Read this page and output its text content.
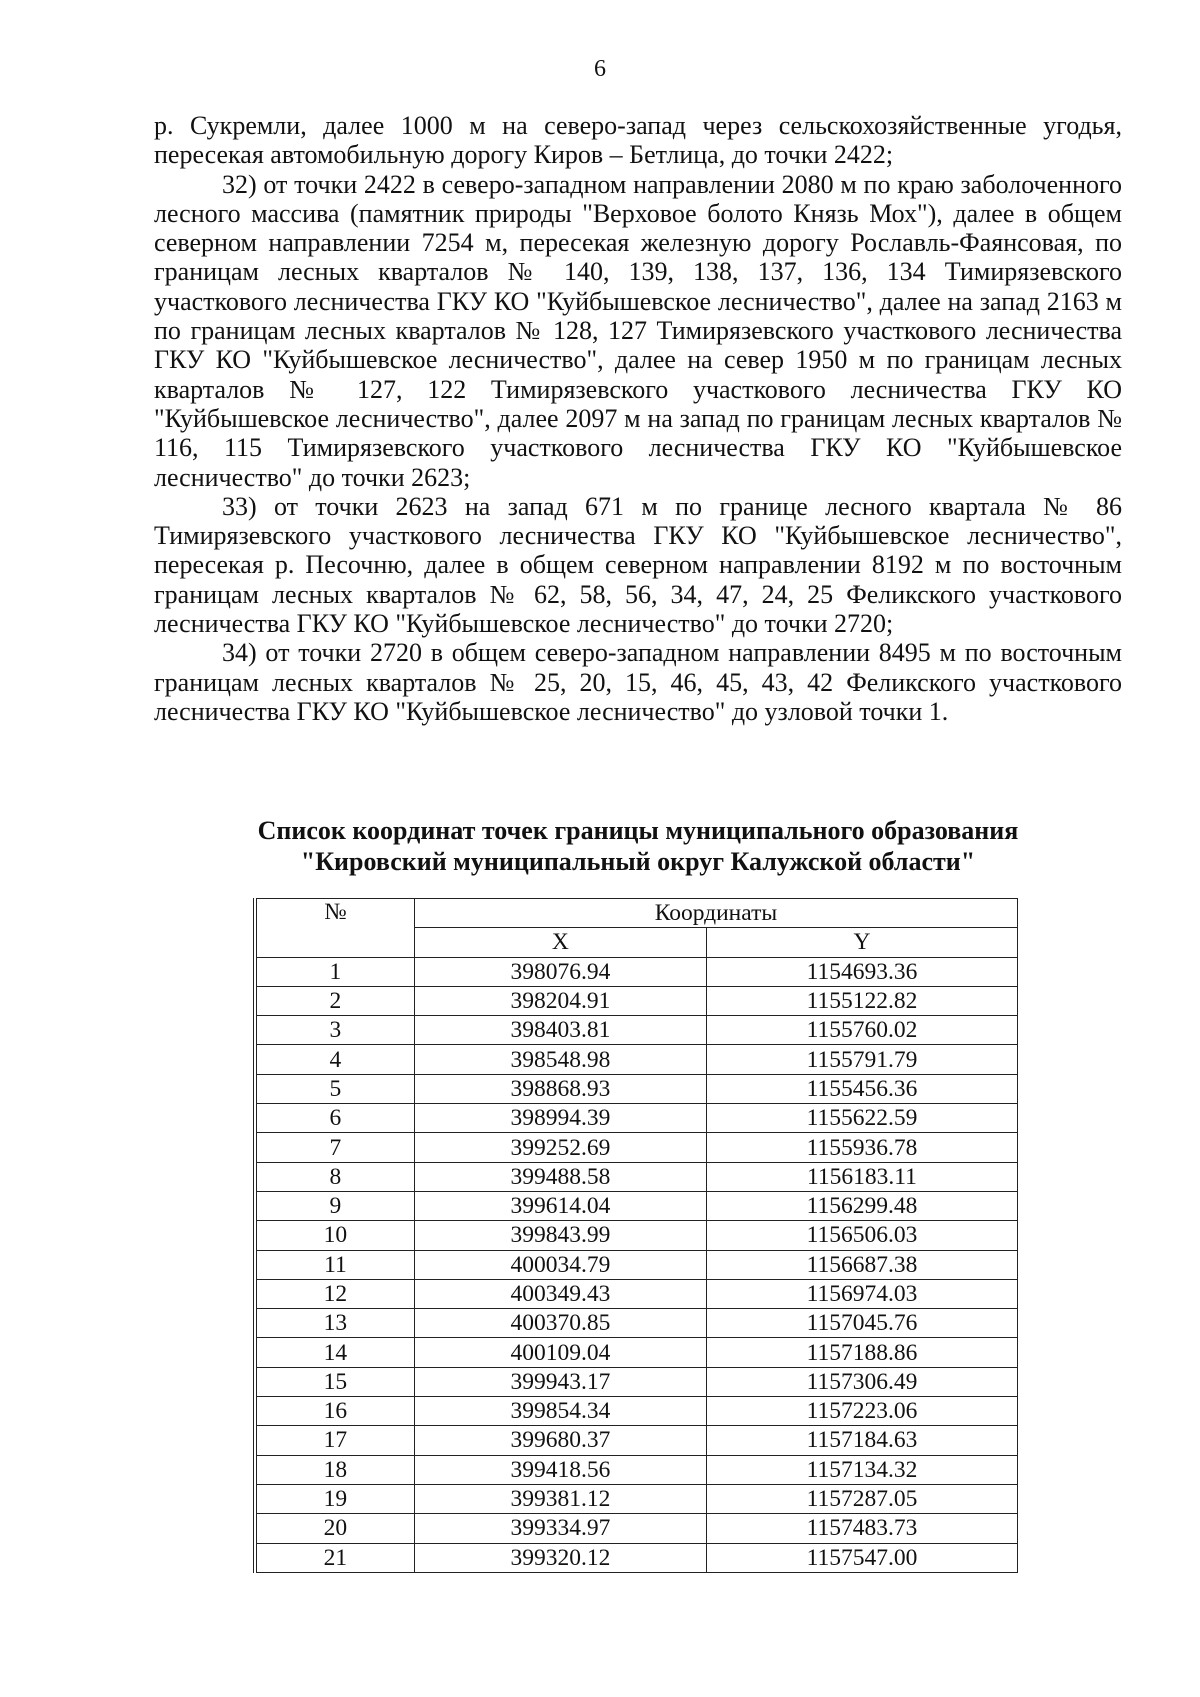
6

р. Сукремли, далее 1000 м на северо-запад через сельскохозяйственные угодья, пересекая автомобильную дорогу Киров – Бетлица, до точки 2422;

32) от точки 2422 в северо-западном направлении 2080 м по краю заболоченного лесного массива (памятник природы "Верховое болото Князь Мох"), далее в общем северном направлении 7254 м, пересекая железную дорогу Рославль-Фаянсовая, по границам лесных кварталов № 140, 139, 138, 137, 136, 134 Тимирязевского участкового лесничества ГКУ КО "Куйбышевское лесничество", далее на запад 2163 м по границам лесных кварталов № 128, 127 Тимирязевского участкового лесничества ГКУ КО "Куйбышевское лесничество", далее на север 1950 м по границам лесных кварталов № 127, 122 Тимирязевского участкового лесничества ГКУ КО "Куйбышевское лесничество", далее 2097 м на запад по границам лесных кварталов № 116, 115 Тимирязевского участкового лесничества ГКУ КО "Куйбышевское лесничество" до точки 2623;

33) от точки 2623 на запад 671 м по границе лесного квартала № 86 Тимирязевского участкового лесничества ГКУ КО "Куйбышевское лесничество", пересекая р. Песочню, далее в общем северном направлении 8192 м по восточным границам лесных кварталов № 62, 58, 56, 34, 47, 24, 25 Феликского участкового лесничества ГКУ КО "Куйбышевское лесничество" до точки 2720;

34) от точки 2720 в общем северо-западном направлении 8495 м по восточным границам лесных кварталов № 25, 20, 15, 46, 45, 43, 42 Феликского участкового лесничества ГКУ КО "Куйбышевское лесничество" до узловой точки 1.

Список координат точек границы муниципального образования
"Кировский муниципальный округ Калужской области"
№	Координаты	
	X	Y
1	398076.94	1154693.36
2	398204.91	1155122.82
3	398403.81	1155760.02
4	398548.98	1155791.79
5	398868.93	1155456.36
6	398994.39	1155622.59
7	399252.69	1155936.78
8	399488.58	1156183.11
9	399614.04	1156299.48
10	399843.99	1156506.03
11	400034.79	1156687.38
12	400349.43	1156974.03
13	400370.85	1157045.76
14	400109.04	1157188.86
15	399943.17	1157306.49
16	399854.34	1157223.06
17	399680.37	1157184.63
18	399418.56	1157134.32
19	399381.12	1157287.05
20	399334.97	1157483.73
21	399320.12	1157547.00
